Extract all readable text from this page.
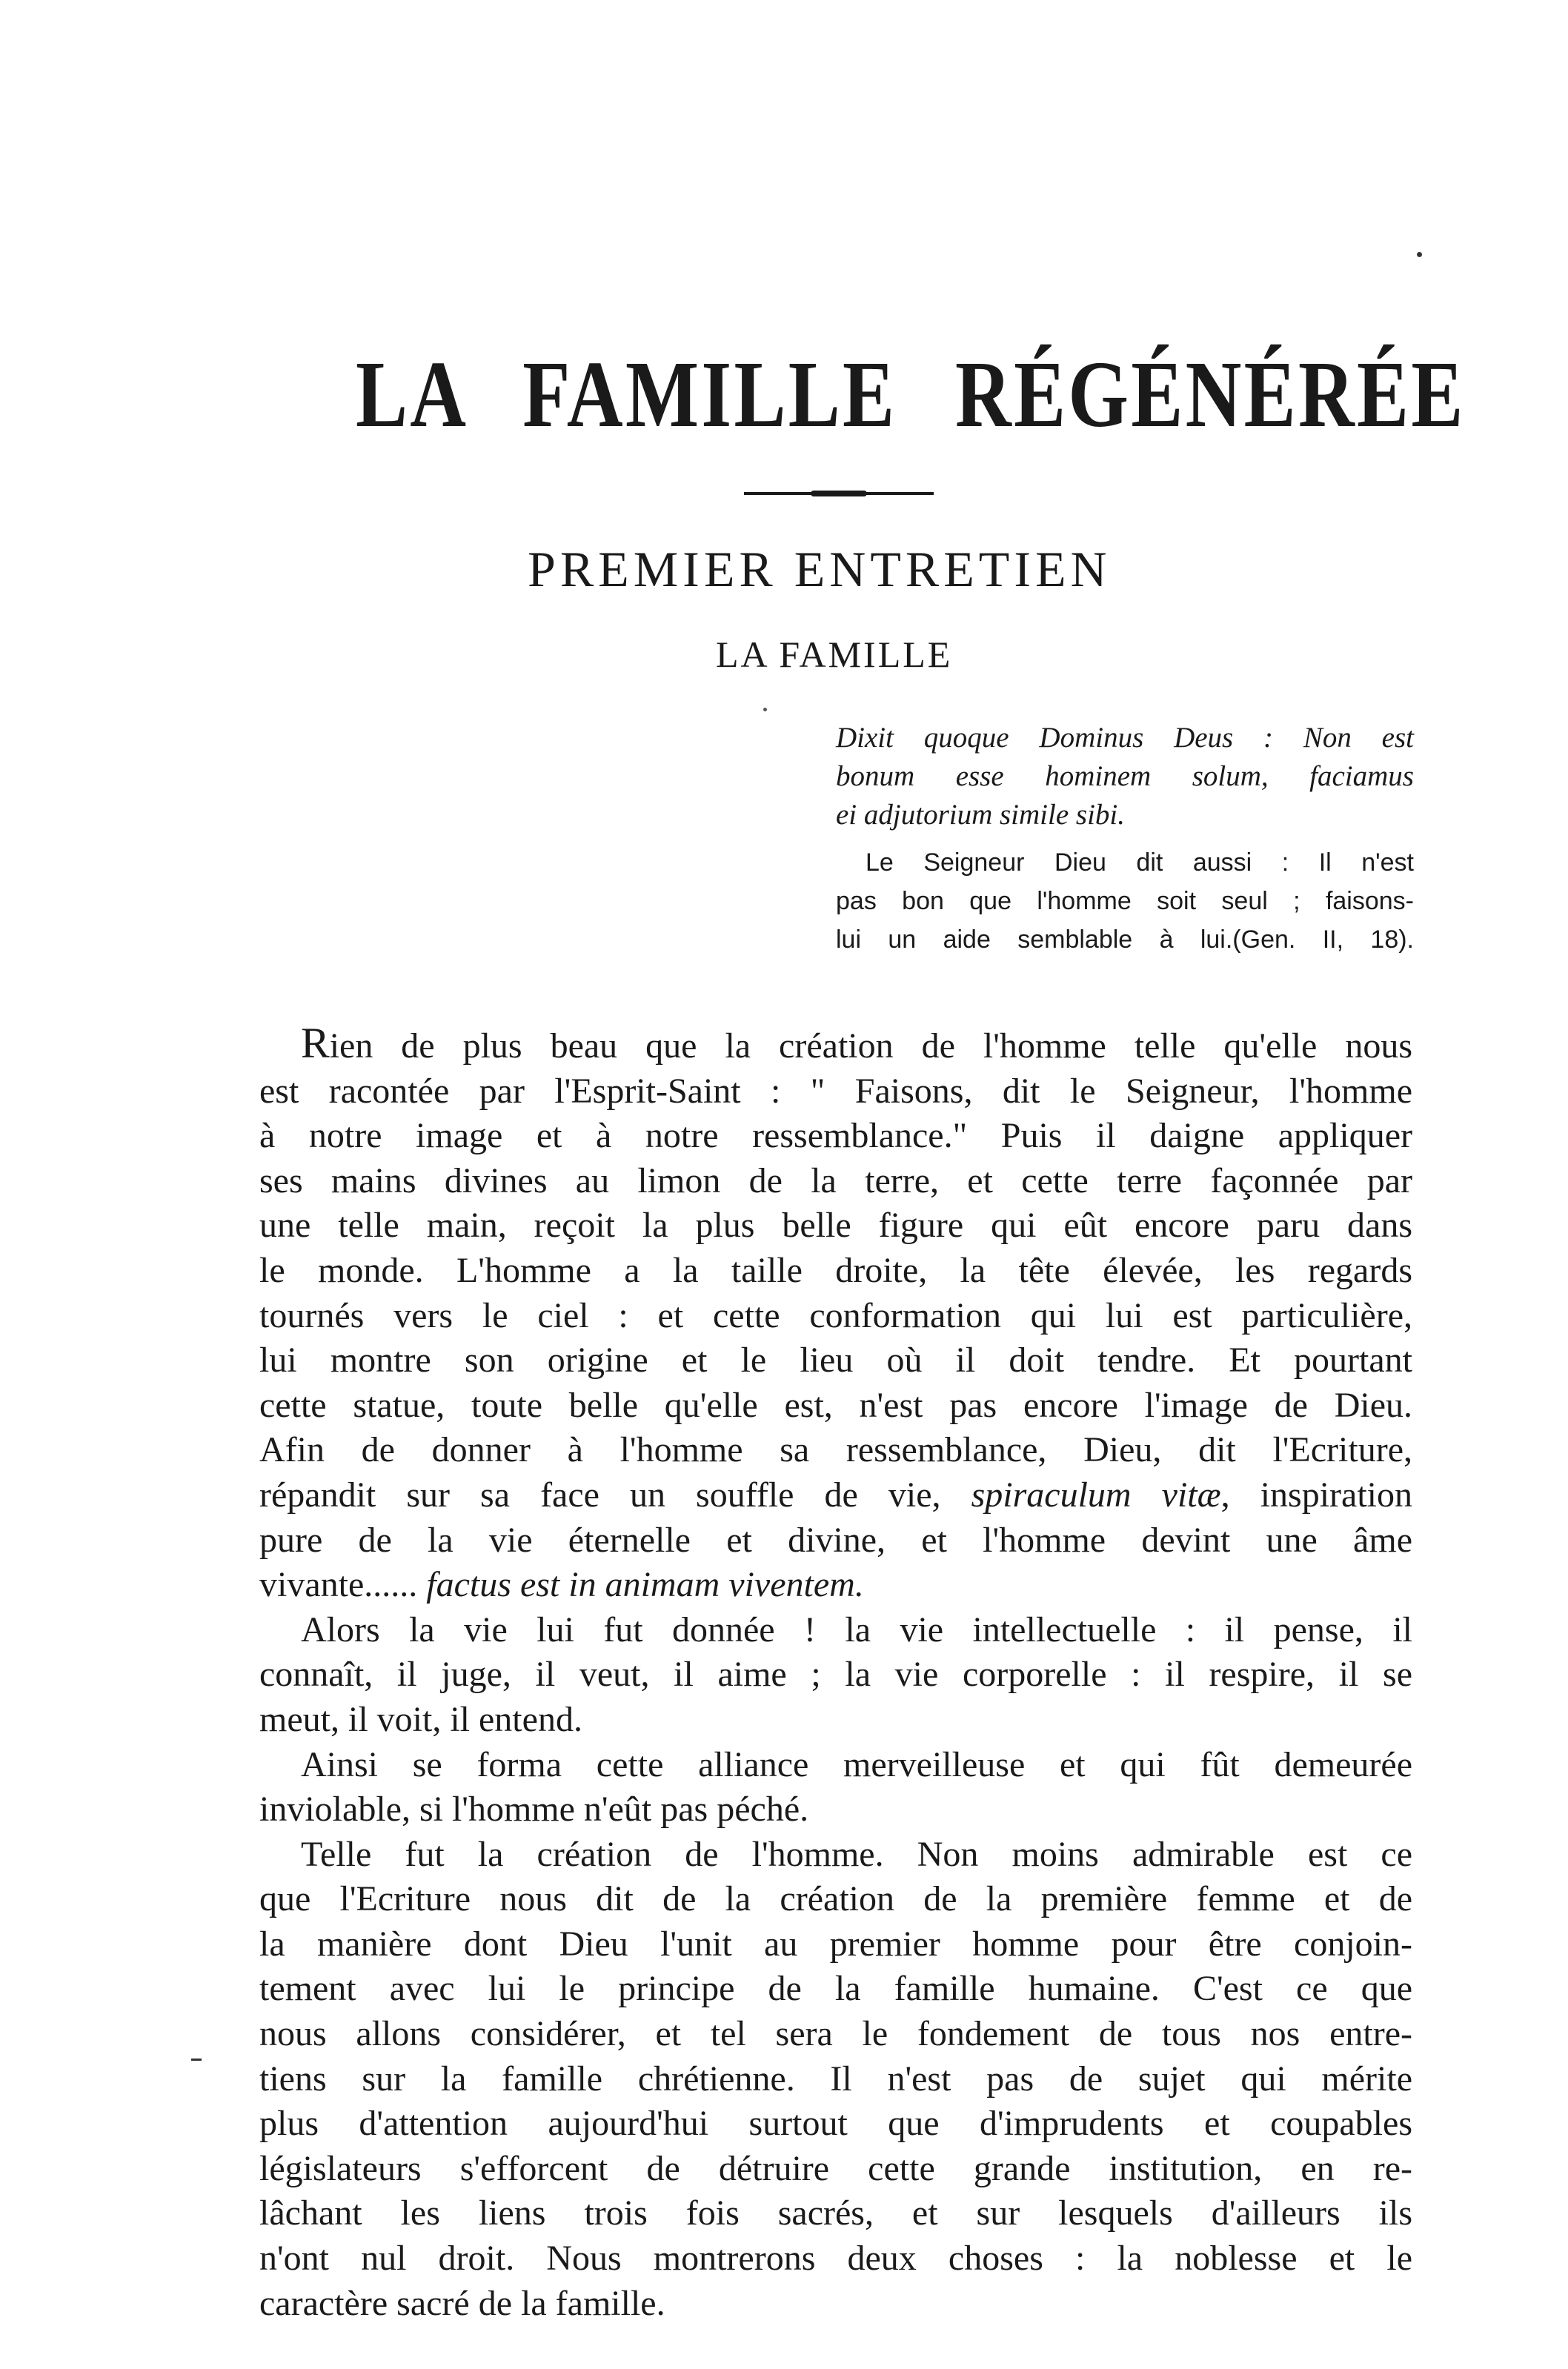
LA FAMILLE RÉGÉNÉRÉE
PREMIER ENTRETIEN
LA FAMILLE

Dixit quoque Dominus Deus : Non est
bonum esse hominem solum, faciamus
ei adjutorium simile sibi.

Le Seigneur Dieu dit aussi : Il n'est
pas bon que l'homme soit seul ; faisons-
lui un aide semblable à lui.(Gen. II, 18).

Rien de plus beau que la création de l'homme telle qu'elle nous
est racontée par l'Esprit-Saint : " Faisons, dit le Seigneur, l'homme
à notre image et à notre ressemblance." Puis il daigne appliquer
ses mains divines au limon de la terre, et cette terre façonnée par
une telle main, reçoit la plus belle figure qui eût encore paru dans
le monde. L'homme a la taille droite, la tête élevée, les regards
tournés vers le ciel : et cette conformation qui lui est particulière,
lui montre son origine et le lieu où il doit tendre. Et pourtant
cette statue, toute belle qu'elle est, n'est pas encore l'image de Dieu.
Afin de donner à l'homme sa ressemblance, Dieu, dit l'Ecriture,
répandit sur sa face un souffle de vie, spiraculum vitæ, inspiration
pure de la vie éternelle et divine, et l'homme devint une âme
vivante...... factus est in animam viventem.

Alors la vie lui fut donnée ! la vie intellectuelle : il pense, il
connaît, il juge, il veut, il aime ; la vie corporelle : il respire, il se
meut, il voit, il entend.

Ainsi se forma cette alliance merveilleuse et qui fût demeurée
inviolable, si l'homme n'eût pas péché.

Telle fut la création de l'homme. Non moins admirable est ce
que l'Ecriture nous dit de la création de la première femme et de
la manière dont Dieu l'unit au premier homme pour être conjoin-
tement avec lui le principe de la famille humaine. C'est ce que
nous allons considérer, et tel sera le fondement de tous nos entre-
tiens sur la famille chrétienne. Il n'est pas de sujet qui mérite
plus d'attention aujourd'hui surtout que d'imprudents et coupables
législateurs s'efforcent de détruire cette grande institution, en re-
lâchant les liens trois fois sacrés, et sur lesquels d'ailleurs ils
n'ont nul droit. Nous montrerons deux choses : la noblesse et le
caractère sacré de la famille.
